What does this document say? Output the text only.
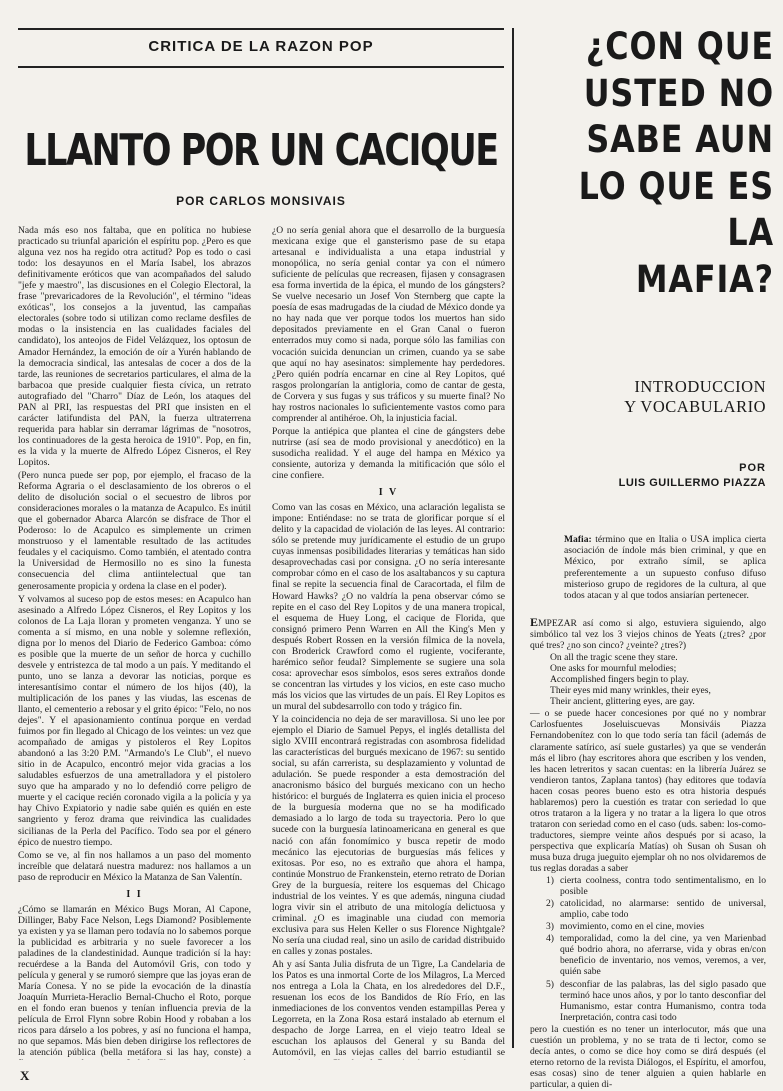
CRITICA DE LA RAZON POP
LLANTO POR UN CACIQUE
POR CARLOS MONSIVAIS

Nada más eso nos faltaba, que en política no hubiese practicado su triunfal aparición el espíritu pop. ¿Pero es que alguna vez nos ha regido otra actitud? Pop es todo o casi todo: los desayunos en el María Isabel, los abrazos definitivamente eróticos que van acompañados del saludo "jefe y maestro", las discusiones en el Colegio Electoral, la frase "prevaricadores de la Revolución", el término "ideas exóticas", los consejos a la juventud, las campañas electorales (sobre todo si utilizan como reclame desfiles de modas o la insistencia en las cualidades faciales del candidato), los anteojos de Fidel Velázquez, los optosun de Amador Hernández, la emoción de oír a Yurén hablando de la democracia sindical, las antesalas de cocer a dos de la tarde, las reuniones de secretarios particulares, el alma de la barbacoa que preside cualquier fiesta cívica, un retrato autografiado del "Charro" Díaz de León, los ataques del PAN al PRI, las respuestas del PRI que insisten en el carácter latifundista del PAN, la fuerza ultraterrena requerida para hablar sin derramar lágrimas de "nosotros, los continuadores de la gesta heroica de 1910". Pop, en fin, es la vida y la muerte de Alfredo López Cisneros, el Rey Lopitos.

(Pero nunca puede ser pop, por ejemplo, el fracaso de la Reforma Agraria o el desclasamiento de los obreros o el delito de disolución social o el secuestro de libros por consideraciones morales o la matanza de Acapulco. Es inútil que el gobernador Abarca Alarcón se disfrace de Thor el Poderoso: lo de Acapulco es simplemente un crimen monstruoso y el lamentable resultado de las actitudes feudales y el caciquismo. Como también, el atentado contra la Universidad de Hermosillo no es sino la funesta consecuencia del clima antiintelectual que tan generosamente propicia y ordena la clase en el poder).

Y volvamos al suceso pop de estos meses: en Acapulco han asesinado a Alfredo López Cisneros, el Rey Lopitos y los colonos de La Laja lloran y prometen venganza. Y uno se comenta a sí mismo, en una noble y solemne reflexión, digna por lo menos del Diario de Federico Gamboa: cómo es posible que la muerte de un señor de horca y cuchillo desvele y entristezca de tal modo a un país. Y meditando el punto, uno se lanza a devorar las noticias, porque es interesantísimo contar el número de los hijos (40), la multiplicación de los panes y las viudas, las escenas de llanto, el cementerio a rebosar y el grito épico: "Felo, no nos dejes". Y el apasionamiento contínua porque en verdad fuimos por fin llegado al Chicago de los veintes: un vez que acompañado de amigas y pistoleros el Rey Lopitos abandonó a las 3:20 P.M. "Armando's Le Club", el nuevo sitio in de Acapulco, encontró mejor vida gracias a los saludables esfuerzos de una ametralladora y el pistolero suyo que ha amparado y no lo defendió corre peligro de muerte y el cacique recién coronado vigila a la policía y ya hay Chivo Expiatorio y nadie sabe quién es quién en este sangriento y feroz drama que reivindica las cualidades sicilianas de la Perla del Pacífico. Todo sea por el género épico de nuestro tiempo.

Como se ve, al fin nos hallamos a un paso del momento increíble que delatará nuestra madurez: nos hallamos a un paso de reproducir en México la Matanza de San Valentín.

I I

¿Cómo se llamarán en México Bugs Moran, Al Capone, Dillinger, Baby Face Nelson, Legs Diamond? Posiblemente ya existen y ya se llaman pero todavía no lo sabemos porque la publicidad es arbitraria y no suele favorecer a los paladines de la clandestinidad. Aunque tradición sí la hay: recuérdese a la Banda del Automóvil Gris, con todo y película y general y se rumoró siempre que las joyas eran de María Conesa. Y no se pide la evocación de la dinastía Joaquín Murrieta-Heraclio Bernal-Chucho el Roto, porque en el fondo eran buenos y tenían influencia previa de la película de Errol Flynn sobre Robin Hood y robaban a los ricos para dárselo a los pobres, y así no funciona el hampa, no que sepamos. Más bien deben dirigirse los reflectores de la atención pública (bella metáfora si las hay, conste) a

¿O no sería genial ahora que el desarrollo de la burguesía mexicana exige que el gansterismo pase de su etapa artesanal e individualista a una etapa industrial y monopólica, no sería genial contar ya con el número suficiente de películas que recreasen, fijasen y consagrasen esa forma invertida de la épica, el mundo de los gángsters? Se vuelve necesario un Josef Von Sternberg que capte la poesía de esas madrugadas de la ciudad de México donde ya no hay nada que ver porque todos los muertos han sido depositados previamente en el Gran Canal o fueron enterrados muy como si nada, porque sólo las familias con vocación suicida denuncian un crimen, cuando ya se sabe que aquí no hay asesinatos: simplemente hay perdedores. ¿Pero quién podría encarnar en cine al Rey Lopitos, qué rasgos prolongarían la antigloria, como de cantar de gesta, de Corvera y sus fugas y sus tráficos y su muerte final? No hay rostros nacionales lo suficientemente vastos como para comprender al antihéroe. Oh, la injusticia facial.

Porque la antiépica que plantea el cine de gángsters debe nutrirse (así sea de modo provisional y anecdótico) en la susodicha realidad. Y el auge del hampa en México ya consiente, autoriza y demanda la mitificación que sólo el cine confiere.

I V

Como van las cosas en México, una aclaración legalista se impone: Entiéndase: no se trata de glorificar porque sí el delito y la capacidad de violación de las leyes. Al contrario: sólo se pretende muy jurídicamente el estudio de un grupo cuyas inmensas posibilidades literarias y temáticas han sido desaprovechadas casi por consigna. ¿O no sería interesante comprobar cómo en el caso de los asaltabancos y su captura final se repite la secuencia final de Caracortada, el film de Howard Hawks? ¿O no valdría la pena observar cómo se repite en el caso del Rey Lopitos y de una manera tropical, el esquema de Huey Long, el cacique de Florida, que consignó primero Penn Warren en All the King's Men y después Robert Rossen en la versión fílmica de la novela, con Broderick Crawford como el rugiente, vociferante, harémico señor feudal? Simplemente se sugiere una sola cosa: aprovechar esos símbolos, esos seres extraños donde se concentran las virtudes y los vicios, en este caso mucho más los vicios que las virtudes de un país. El Rey Lopitos es un mural del subdesarrollo con todo y trágico fin.

Y la coincidencia no deja de ser maravillosa. Si uno lee por ejemplo el Diario de Samuel Pepys, el inglés detallista del siglo XVIII encontrará registradas con asombrosa fidelidad las características del burgués mexicano de 1967: su sentido social, su afán carrerista, su desplazamiento y voluntad de adulación. Se puede responder a esta demostración del anacronismo básico del burgués mexicano con un hecho histórico: el burgués de Inglaterra es quien inicia el proceso de la burguesía moderna que no se ha modificado demasiado a lo largo de toda su trayectoria. Pero lo que sucede con la burguesía latinoamericana en general es que nació con afán fonomímico y busca repetir de modo mecánico las ejecutorias de burguesías más felices y exitosas. Por eso, no es extraño que ahora el hampa, continúe Monstruo de Frankenstein, eterno retrato de Dorian Grey de la burguesía, reitere los esquemas del Chicago industrial de los veintes. Y es que además, ninguna ciudad logra vivir sin el atributo de una mitología delictuosa y criminal. ¿O es imaginable una ciudad con memoria exclusiva para sus Helen Keller o sus Florence Nightgale? No sería una ciudad real, sino un asilo de caridad distribuido en calles y zonas postales.

Ah y así Santa Julia disfruta de un Tigre, La Candelaria de los Patos es una inmortal Corte de los Milagros, La Merced nos entrega a Lola la Chata, en los alrededores del D.F., resuenan los ecos de los Bandidos de Río Frío, en las inmediaciones de los conventos venden estampillas Perea y Legorreta, en la Zona Rosa estará instalado ab eternum el despacho de Jorge Larrea, en el viejo teatro Ideal se escuchan los aplausos del General y su Banda del Automóvil, en las viejas calles del barrio estudiantil se

X
¿CON QUE
USTED NO
SABE AUN
LO QUE ES
LA
MAFIA?
INTRODUCCION
Y VOCABULARIO
POR
LUIS GUILLERMO PIAZZA
Mafia: término que en Italia o USA implica cierta asociación de índole más bien criminal, y que en México, por extraño símil, se aplica preferentemente a un supuesto confuso difuso misterioso grupo de regidores de la cultura, al que todos atacan y al que todos ansiarían pertenecer.

EMPEZAR así como si algo, estuviera siguiendo, algo simbólico tal vez los 3 viejos chinos de Yeats (¿tres? ¿por qué tres? ¿no son cinco? ¿veinte? ¿tres?)

On all the tragic scene they stare.
One asks for mournful melodies;
Accomplished fingers begin to play.
Their eyes mid many wrinkles, their eyes,
Their ancient, glittering eyes, are gay.

— o se puede hacer concesiones por qué no y nombrar Carlosfuentes Joseluiscuevas Monsiváis Piazza Fernandobenítez con lo que todo sería tan fácil (además de claramente satírico, así suele gustarles) ya que se venderán más el libro (hay escritores ahora que escriben y los venden, les hacen letreritos y sacan cuentas: en la librería Juárez se vendieron tantos, Zaplana tantos) (hay editores que todavía hacen cosas peores bueno esto es otra historia después hablaremos) pero la cuestión es tratar con seriedad lo que otros trataron a la ligera y no tratar a la ligera lo que otros trataron con seriedad como en el caso (uds. saben: los-como-traductores, siempre veinte años después por si acaso, la perspectiva que explicaría Matías) oh Susan oh Susan oh musa buza druga jueguito ejemplar oh no nos olvidaremos de tus reglas doradas a saber

1) cierta coolness, contra todo sentimentalismo, en lo posible
2) catolicidad, no alarmarse: sentido de universal, amplio, cabe todo
3) movimiento, como en el cine, movies
4) temporalidad, como la del cine, ya ven Marienbad qué bodrio ahora, no aferrarse, vida y obras en/con beneficio de inventario, nos vemos, veremos, a ver, quién sabe
5) desconfiar de las palabras, las del siglo pasado que terminó hace unos años, y por lo tanto desconfiar del Humanismo, estar contra Humanismo, contra toda Inerpretación, contra casi todo

pero la cuestión es no tener un interlocutor, más que una cuestión un problema, y no se trata de ti lector, como se decía antes, o como se dice hoy como se dirá después (el eterno retorno de la revista Diálogos, el Espíritu, el amorfou, esas cosas) sino de tener alguien a quien hablarle en particular, a quien di-
